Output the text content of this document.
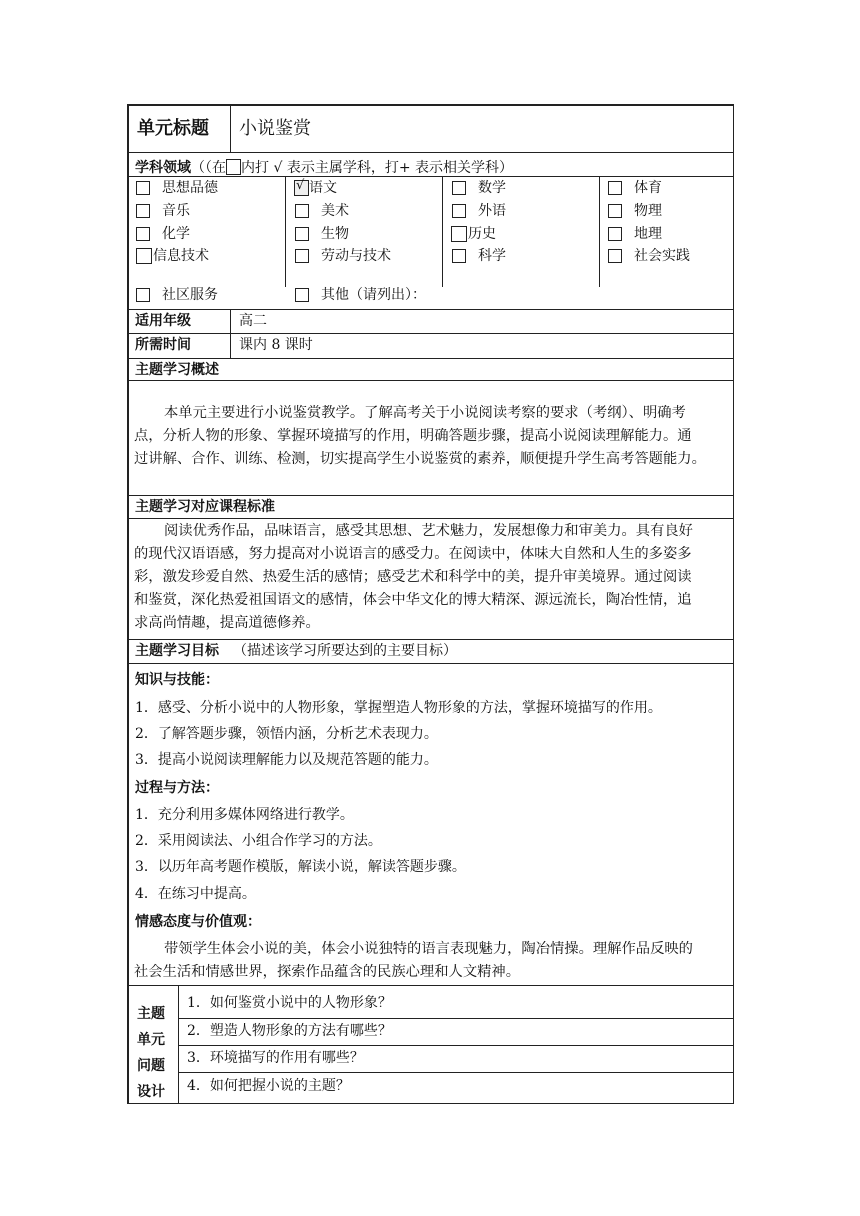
单元标题 小说鉴赏
学科领域（（在 内打 √ 表示主属学科，打+ 表示相关学科）
思想品德	√ 语文	数学	体育
音乐	美术	外语	物理
化学	生物	历史	地理
信息技术	劳动与技术	科学	社会实践
社区服务	其他（请列出）：
适用年级	高二
所需时间	课内 8 课时
主题学习概述
本单元主要进行小说鉴赏教学。了解高考关于小说阅读考察的要求（考纲）、明确考
点，分析人物的形象、掌握环境描写的作用，明确答题步骤，提高小说阅读理解能力。通
过讲解、合作、训练、检测，切实提高学生小说鉴赏的素养，顺便提升学生高考答题能力。
主题学习对应课程标准
阅读优秀作品，品味语言，感受其思想、艺术魅力，发展想像力和审美力。具有良好
的现代汉语语感，努力提高对小说语言的感受力。在阅读中，体味大自然和人生的多姿多
彩，激发珍爱自然、热爱生活的感情；感受艺术和科学中的美，提升审美境界。通过阅读
和鉴赏，深化热爱祖国语文的感情，体会中华文化的博大精深、源远流长，陶冶性情，追
求高尚情趣，提高道德修养。
主题学习目标 （描述该学习所要达到的主要目标）
知识与技能：
1．感受、分析小说中的人物形象，掌握塑造人物形象的方法，掌握环境描写的作用。
2．了解答题步骤，领悟内涵，分析艺术表现力。
3．提高小说阅读理解能力以及规范答题的能力。
过程与方法：
1．充分利用多媒体网络进行教学。
2．采用阅读法、小组合作学习的方法。
3．以历年高考题作模版，解读小说，解读答题步骤。
4．在练习中提高。
情感态度与价值观：
带领学生体会小说的美，体会小说独特的语言表现魅力，陶冶情操。理解作品反映的
社会生活和情感世界，探索作品蕴含的民族心理和人文精神。
主题
单元
问题
设计
1．如何鉴赏小说中的人物形象？
2．塑造人物形象的方法有哪些？
3．环境描写的作用有哪些？
4．如何把握小说的主题？
